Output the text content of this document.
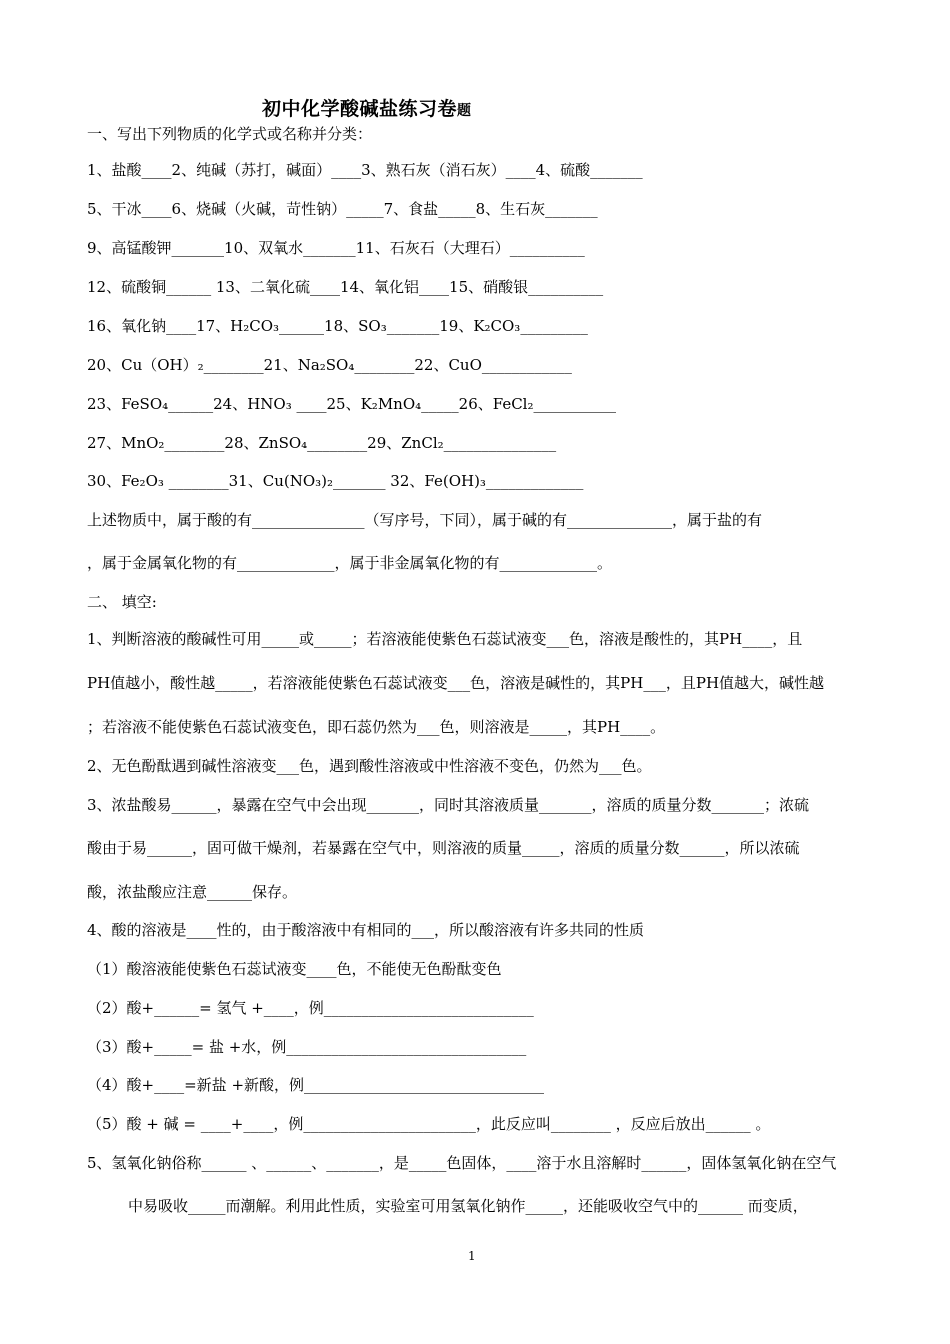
初中化学酸碱盐练习卷题
一、写出下列物质的化学式或名称并分类：
1、盐酸____2、纯碱（苏打，碱面）____3、熟石灰（消石灰）____4、硫酸_______
5、干冰____6、烧碱（火碱，苛性钠）_____7、食盐_____8、生石灰_______
9、高锰酸钾_______10、双氧水_______11、石灰石（大理石）__________
12、硫酸铜______ 13、二氧化硫____14、氧化铝____15、硝酸银__________
16、氧化钠____17、H₂CO₃______18、SO₃_______19、K₂CO₃_________
20、Cu（OH）₂________21、Na₂SO₄________22、CuO____________
23、FeSO₄______24、HNO₃ ____25、K₂MnO₄_____26、FeCl₂___________
27、MnO₂________28、ZnSO₄________29、ZnCl₂_______________
30、Fe₂O₃ ________31、Cu(NO₃)₂_______ 32、Fe(OH)₃_____________
上述物质中，属于酸的有_______________（写序号，下同），属于碱的有______________，属于盐的有
，属于金属氧化物的有_____________，属于非金属氧化物的有_____________。
二、 填空:
1、判断溶液的酸碱性可用_____或_____；若溶液能使紫色石蕊试液变___色，溶液是酸性的，其PH____，且
PH值越小，酸性越_____，若溶液能使紫色石蕊试液变___色，溶液是碱性的，其PH___，且PH值越大，碱性越
；若溶液不能使紫色石蕊试液变色，即石蕊仍然为___色，则溶液是_____，其PH____。
2、无色酚酞遇到碱性溶液变___色，遇到酸性溶液或中性溶液不变色，仍然为___色。
3、浓盐酸易______，暴露在空气中会出现_______，同时其溶液质量_______，溶质的质量分数_______；浓硫
酸由于易______，固可做干燥剂，若暴露在空气中，则溶液的质量_____，溶质的质量分数______，所以浓硫
酸，浓盐酸应注意______保存。
4、酸的溶液是____性的，由于酸溶液中有相同的___，所以酸溶液有许多共同的性质
（1）酸溶液能使紫色石蕊试液变____色，不能使无色酚酞变色
（2）酸+______= 氢气 +____，例____________________________
（3）酸+_____= 盐 +水，例________________________________
（4）酸+____=新盐 +新酸，例________________________________
（5）酸 + 碱 = ____+____，例_______________________，此反应叫________ ，反应后放出______ 。
5、氢氧化钠俗称______ 、______、_______，是_____色固体，____溶于水且溶解时______，固体氢氧化钠在空气
中易吸收_____而潮解。利用此性质，实验室可用氢氧化钠作_____，还能吸收空气中的______ 而变质，
1
